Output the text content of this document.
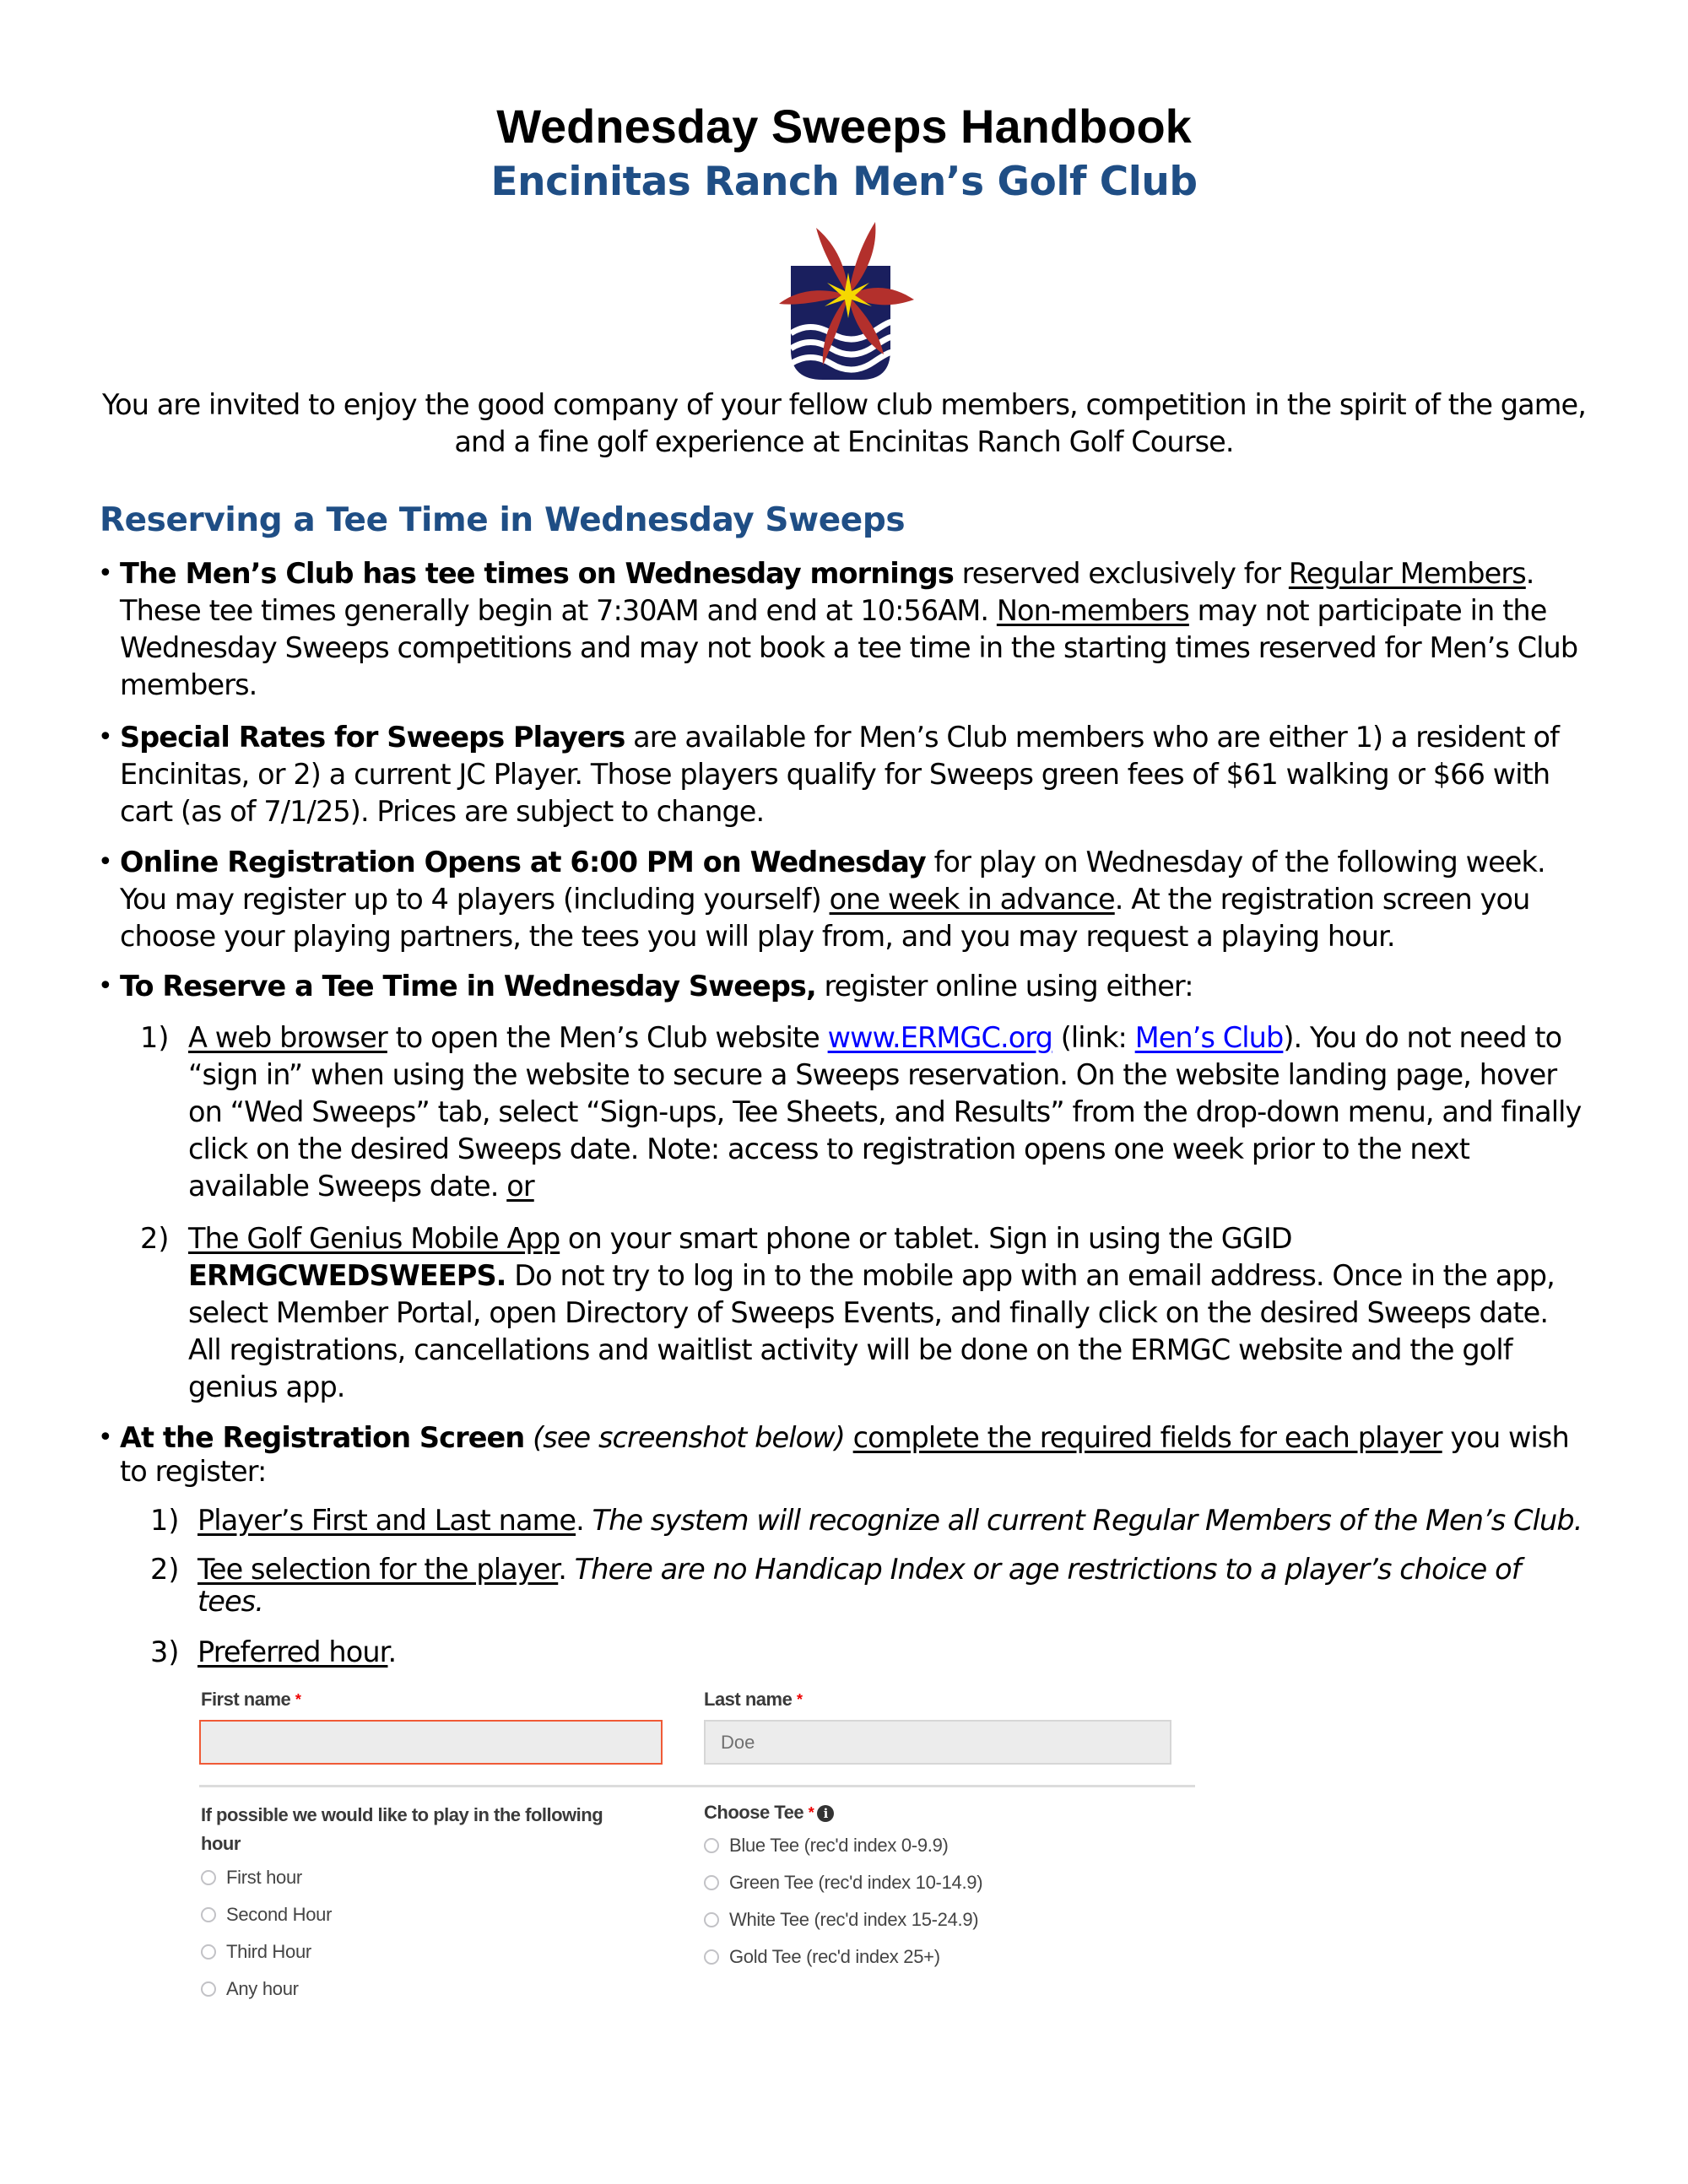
Wednesday Sweeps Handbook
Encinitas Ranch Men’s Golf Club
You are invited to enjoy the good company of your fellow club members, competition in the spirit of the game,
and a fine golf experience at Encinitas Ranch Golf Course.
Reserving a Tee Time in Wednesday Sweeps
• The Men’s Club has tee times on Wednesday mornings reserved exclusively for Regular Members.
These tee times generally begin at 7:30AM and end at 10:56AM. Non-members may not participate in the
Wednesday Sweeps competitions and may not book a tee time in the starting times reserved for Men’s Club
members.
• Special Rates for Sweeps Players are available for Men’s Club members who are either 1) a resident of
Encinitas, or 2) a current JC Player. Those players qualify for Sweeps green fees of $61 walking or $66 with
cart (as of 7/1/25). Prices are subject to change.
• Online Registration Opens at 6:00 PM on Wednesday for play on Wednesday of the following week.
You may register up to 4 players (including yourself) one week in advance. At the registration screen you
choose your playing partners, the tees you will play from, and you may request a playing hour.
• To Reserve a Tee Time in Wednesday Sweeps, register online using either:
1) A web browser to open the Men’s Club website www.ERMGC.org (link: Men’s Club). You do not need to
“sign in” when using the website to secure a Sweeps reservation. On the website landing page, hover
on “Wed Sweeps” tab, select “Sign-ups, Tee Sheets, and Results” from the drop-down menu, and finally
click on the desired Sweeps date. Note: access to registration opens one week prior to the next
available Sweeps date. or
2) The Golf Genius Mobile App on your smart phone or tablet. Sign in using the GGID
ERMGCWEDSWEEPS. Do not try to log in to the mobile app with an email address. Once in the app,
select Member Portal, open Directory of Sweeps Events, and finally click on the desired Sweeps date.
All registrations, cancellations and waitlist activity will be done on the ERMGC website and the golf
genius app.
• At the Registration Screen (see screenshot below) complete the required fields for each player you wish
to register:
1) Player’s First and Last name. The system will recognize all current Regular Members of the Men’s Club.
2) Tee selection for the player. There are no Handicap Index or age restrictions to a player’s choice of
tees.
3) Preferred hour.
First name *	Last name *
Doe
If possible we would like to play in the following
hour
First hour
Second Hour
Third Hour
Any hour
Choose Tee * i
Blue Tee (rec'd index 0-9.9)
Green Tee (rec'd index 10-14.9)
White Tee (rec'd index 15-24.9)
Gold Tee (rec'd index 25+)
